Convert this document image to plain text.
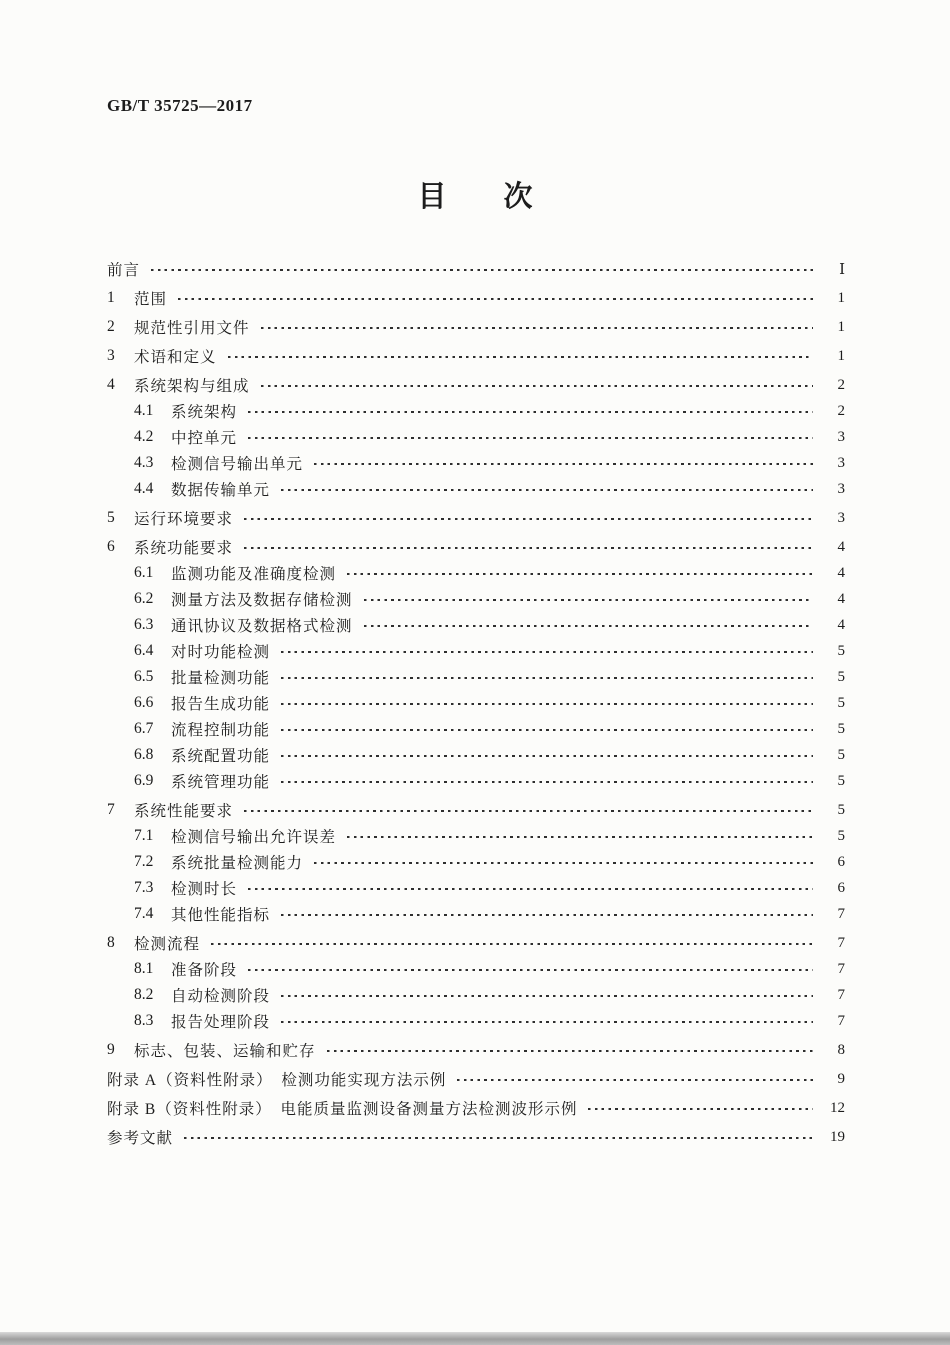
GB/T 35725—2017
目　次
前言	Ⅰ
1	范围	1
2	规范性引用文件	1
3	术语和定义	1
4	系统架构与组成	2
4.1	系统架构	2
4.2	中控单元	3
4.3	检测信号输出单元	3
4.4	数据传输单元	3
5	运行环境要求	3
6	系统功能要求	4
6.1	监测功能及准确度检测	4
6.2	测量方法及数据存储检测	4
6.3	通讯协议及数据格式检测	4
6.4	对时功能检测	5
6.5	批量检测功能	5
6.6	报告生成功能	5
6.7	流程控制功能	5
6.8	系统配置功能	5
6.9	系统管理功能	5
7	系统性能要求	5
7.1	检测信号输出允许误差	5
7.2	系统批量检测能力	6
7.3	检测时长	6
7.4	其他性能指标	7
8	检测流程	7
8.1	准备阶段	7
8.2	自动检测阶段	7
8.3	报告处理阶段	7
9	标志、包装、运输和贮存	8
附录 A（资料性附录）　检测功能实现方法示例	9
附录 B（资料性附录）　电能质量监测设备测量方法检测波形示例	12
参考文献	19
